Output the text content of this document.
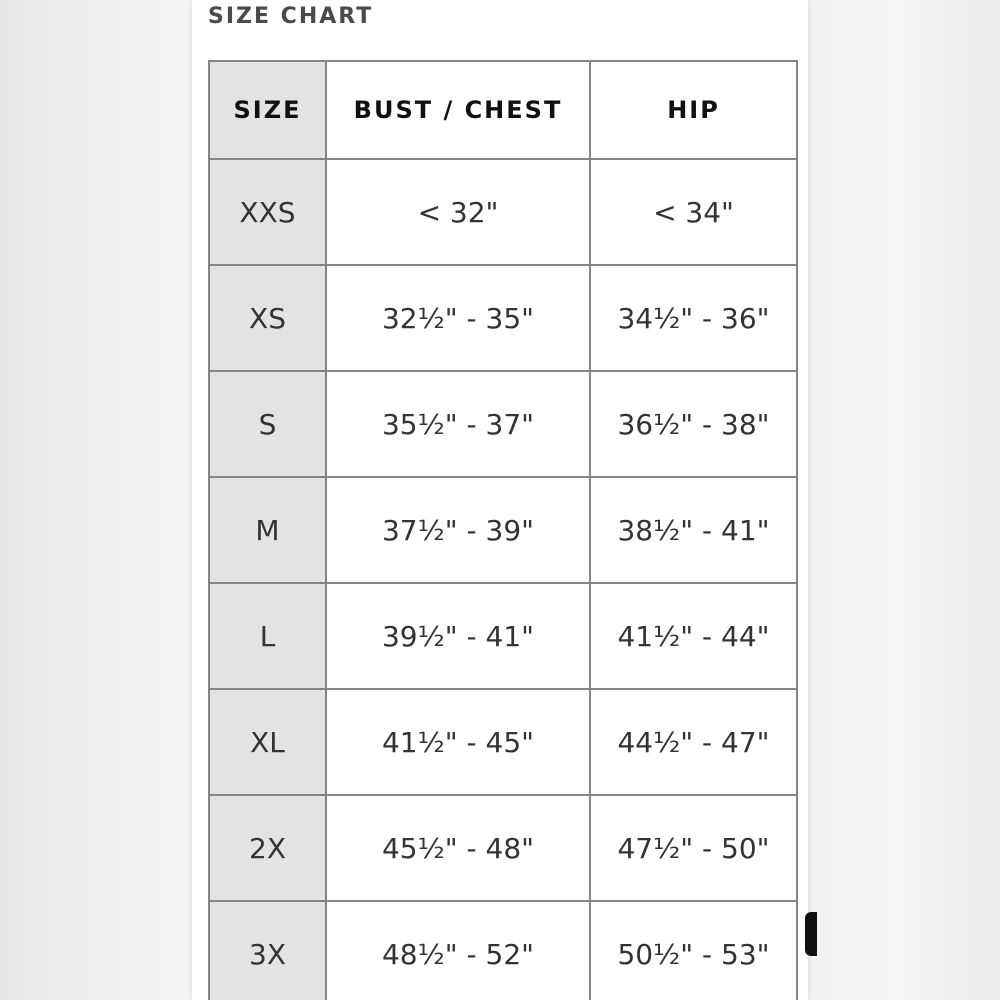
SIZE CHART
SIZE	BUST / CHEST	HIP
XXS	< 32"	< 34"
XS	32½" - 35"	34½" - 36"
S	35½" - 37"	36½" - 38"
M	37½" - 39"	38½" - 41"
L	39½" - 41"	41½" - 44"
XL	41½" - 45"	44½" - 47"
2X	45½" - 48"	47½" - 50"
3X	48½" - 52"	50½" - 53"
